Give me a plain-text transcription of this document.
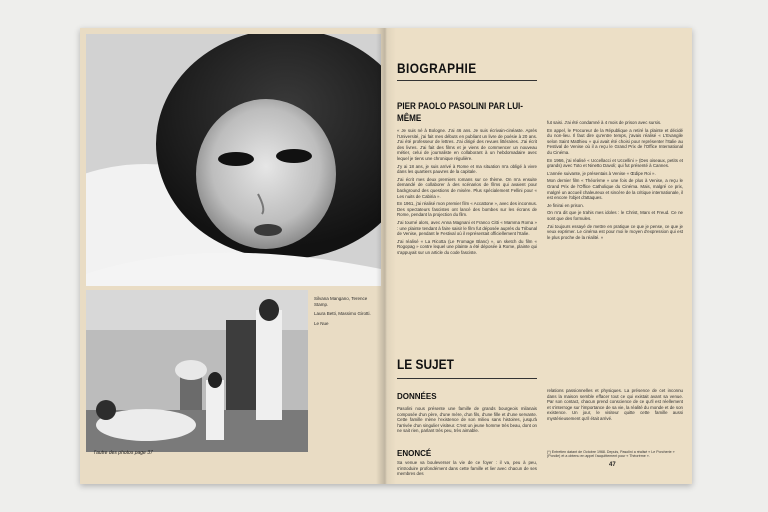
Silvana Mangano, Terence Stamp.

Laura Betti, Massimo Girotti.

Le Nue

l'autre des photos page 37
BIOGRAPHIE
PIER PAOLO PASOLINI PAR LUI-MÊME

« Je suis né à Bologne. J'ai 46 ans. Je suis écrivain-cinéaste. Après l'Université, j'ai fait mes débuts en publiant un livre de poésie à 20 ans. J'ai été professeur de lettres. J'ai dirigé des revues littéraires. J'ai écrit des livres. J'ai fait des films et je viens de commencer un nouveau métier, celui de journaliste en collaborant à un hebdomadaire avec lequel je tiens une chronique régulière.

J'y ai 18 ans, je suis arrivé à Rome et ma situation m'a obligé à vivre dans les quartiers pauvres de la capitale.

J'ai écrit mes deux premiers romans sur ce thème. On m'a ensuite demandé de collaborer à des scénarios de films qui avaient pour background des questions de misère. Plus spécialement Fellini pour « Les nuits de Cabiria ».

En 1961, j'ai réalisé mon premier film « Accattone », avec des inconnus. Des spectateurs fascistes ont lancé des bombes sur les écrans de Rome, pendant la projection du film.

J'ai tourné alors, avec Anna Magnani et Franco Citti « Mamma Roma » : une plainte tendant à faire saisir le film fut déposée auprès du Tribunal de Venise, pendant le Festival où il représentait officiellement l'Italie.

J'ai réalisé « La Ricotta (Le Fromage Blanc) », un sketch du film « Rogopag » contre lequel une plainte a été déposée à Rome, plainte qui s'appuyait sur un article du code fasciste.

fut saisi. J'ai été condamné à 4 mois de prison avec sursis.

En appel, le Procureur de la République a retiré la plainte et décidé du non-lieu. Il faut dire qu'entre temps, j'avais réalisé « L'Evangile selon Saint Matthieu » qui avait été choisi pour représenter l'Italie au Festival de Venise où il a reçu le Grand Prix de l'Office International du Cinéma.

En 1966, j'ai réalisé « Uccellacci et Uccellini » (Des oiseaux, petits et grands) avec Toto et Ninetto Davoli; qui fut présenté à Cannes.

L'année suivante, je présentais à Venise « Œdipe Roi ».

Mon dernier film « Théorème » une fois de plus à Venise, a reçu le Grand Prix de l'Office Catholique du Cinéma. Mais, malgré ce prix, malgré un accueil chaleureux et sincère de la critique internationale, il est encore l'objet d'attaques.

Je finirai en prison.

On m'a dit que je trahis mes idoles : le Christ, Marx et Freud. Ce ne sont que des formules.

J'ai toujours essayé de mettre en pratique ce que je pense, ce que je veux exprimer. Le cinéma est pour moi le moyen d'expression qui est le plus proche de la réalité. »

LE SUJET
DONNÉES

Pasolini nous présente une famille de grands bourgeois milanais composée d'un père, d'une mère, d'un fils, d'une fille et d'une servante. Cette famille mène l'existence de son milieu sans histoires, jusqu'à l'arrivée d'un singulier visiteur. C'est un jeune homme très beau, dont on ne sait rien, parlant très peu, très aimable.

ENONCÉ

Sa venue va bouleverser la vie de ce foyer : il va, peu à peu, s'introduire profondément dans cette famille et lier avec chacun de ses membres des

relations passionnelles et physiques. La présence de cet inconnu dans la maison semble effacer tout ce qui existait avant sa venue. Par son contact, chacun prend conscience de ce qu'il est réellement et s'interroge sur l'importance de sa vie, la réalité du monde et de son existence. Un jour, le visiteur quitte cette famille aussi mystérieusement qu'il était arrivé.

(*) Entretien datant de Octobre 1968. Depuis, Pasolini a réalisé « Le Porcherie » (Porcile) et a obtenu en appel l'acquittement pour « Théorème ».
47
